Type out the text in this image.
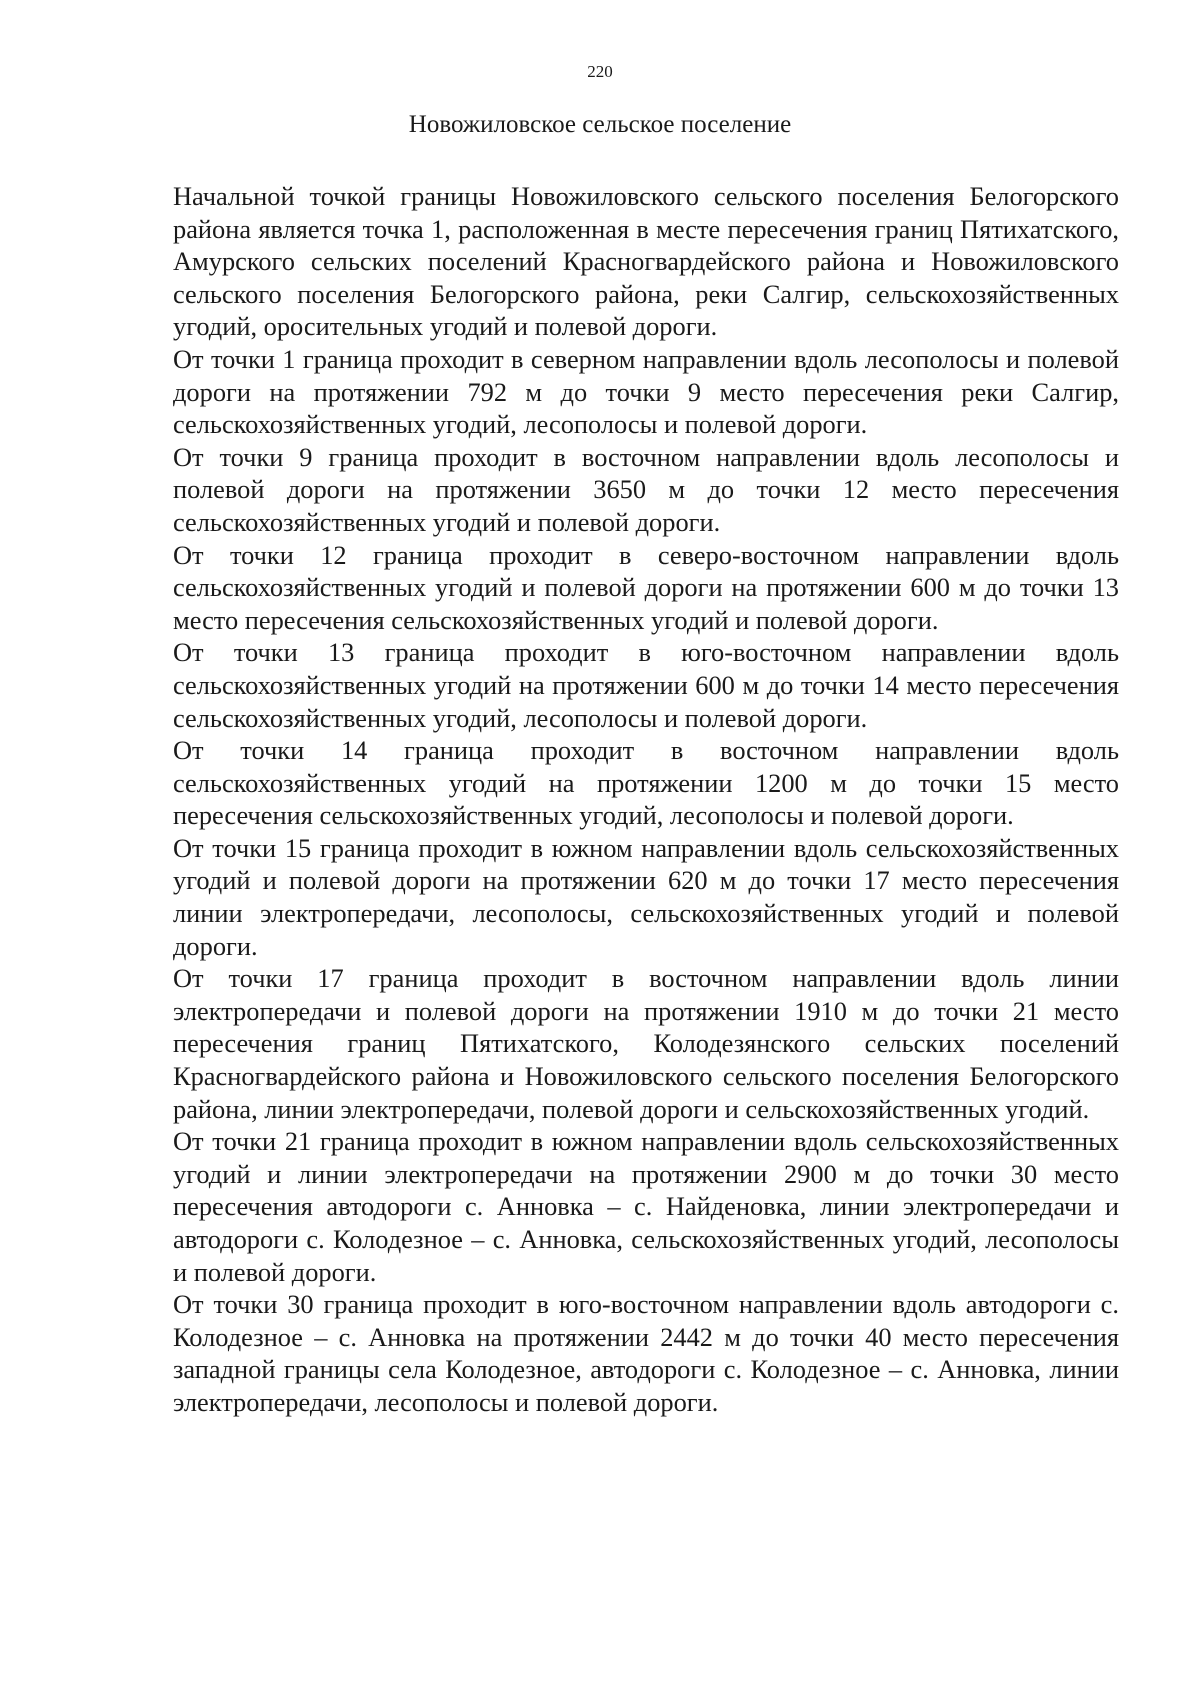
220
Новожиловское сельское поселение

Начальной точкой границы Новожиловского сельского поселения Белогорского района является точка 1, расположенная в месте пересечения границ Пятихатского, Амурского сельских поселений Красногвардейского района и Новожиловского сельского поселения Белогорского района, реки Салгир, сельскохозяйственных угодий, оросительных угодий и полевой дороги.

От точки 1 граница проходит в северном направлении вдоль лесополосы и полевой дороги на протяжении 792 м до точки 9 место пересечения реки Салгир, сельскохозяйственных угодий, лесополосы и полевой дороги.

От точки 9 граница проходит в восточном направлении вдоль лесополосы и полевой дороги на протяжении 3650 м до точки 12 место пересечения сельскохозяйственных угодий и полевой дороги.

От точки 12 граница проходит в северо-восточном направлении вдоль сельскохозяйственных угодий и полевой дороги на протяжении 600 м до точки 13 место пересечения сельскохозяйственных угодий и полевой дороги.

От точки 13 граница проходит в юго-восточном направлении вдоль сельскохозяйственных угодий на протяжении 600 м до точки 14 место пересечения сельскохозяйственных угодий, лесополосы и полевой дороги.

От точки 14 граница проходит в восточном направлении вдоль сельскохозяйственных угодий на протяжении 1200 м до точки 15 место пересечения сельскохозяйственных угодий, лесополосы и полевой дороги.

От точки 15 граница проходит в южном направлении вдоль сельскохозяйственных угодий и полевой дороги на протяжении 620 м до точки 17 место пересечения линии электропередачи, лесополосы, сельскохозяйственных угодий и полевой дороги.

От точки 17 граница проходит в восточном направлении вдоль линии электропередачи и полевой дороги на протяжении 1910 м до точки 21 место пересечения границ Пятихатского, Колодезянского сельских поселений Красногвардейского района и Новожиловского сельского поселения Белогорского района, линии электропередачи, полевой дороги и сельскохозяйственных угодий.

От точки 21 граница проходит в южном направлении вдоль сельскохозяйственных угодий и линии электропередачи на протяжении 2900 м до точки 30 место пересечения автодороги с. Анновка – с. Найденовка, линии электропередачи и автодороги с. Колодезное – с. Анновка, сельскохозяйственных угодий, лесополосы и полевой дороги.

От точки 30 граница проходит в юго-восточном направлении вдоль автодороги с. Колодезное – с. Анновка на протяжении 2442 м до точки 40 место пересечения западной границы села Колодезное, автодороги с. Колодезное – с. Анновка, линии электропередачи, лесополосы и полевой дороги.
